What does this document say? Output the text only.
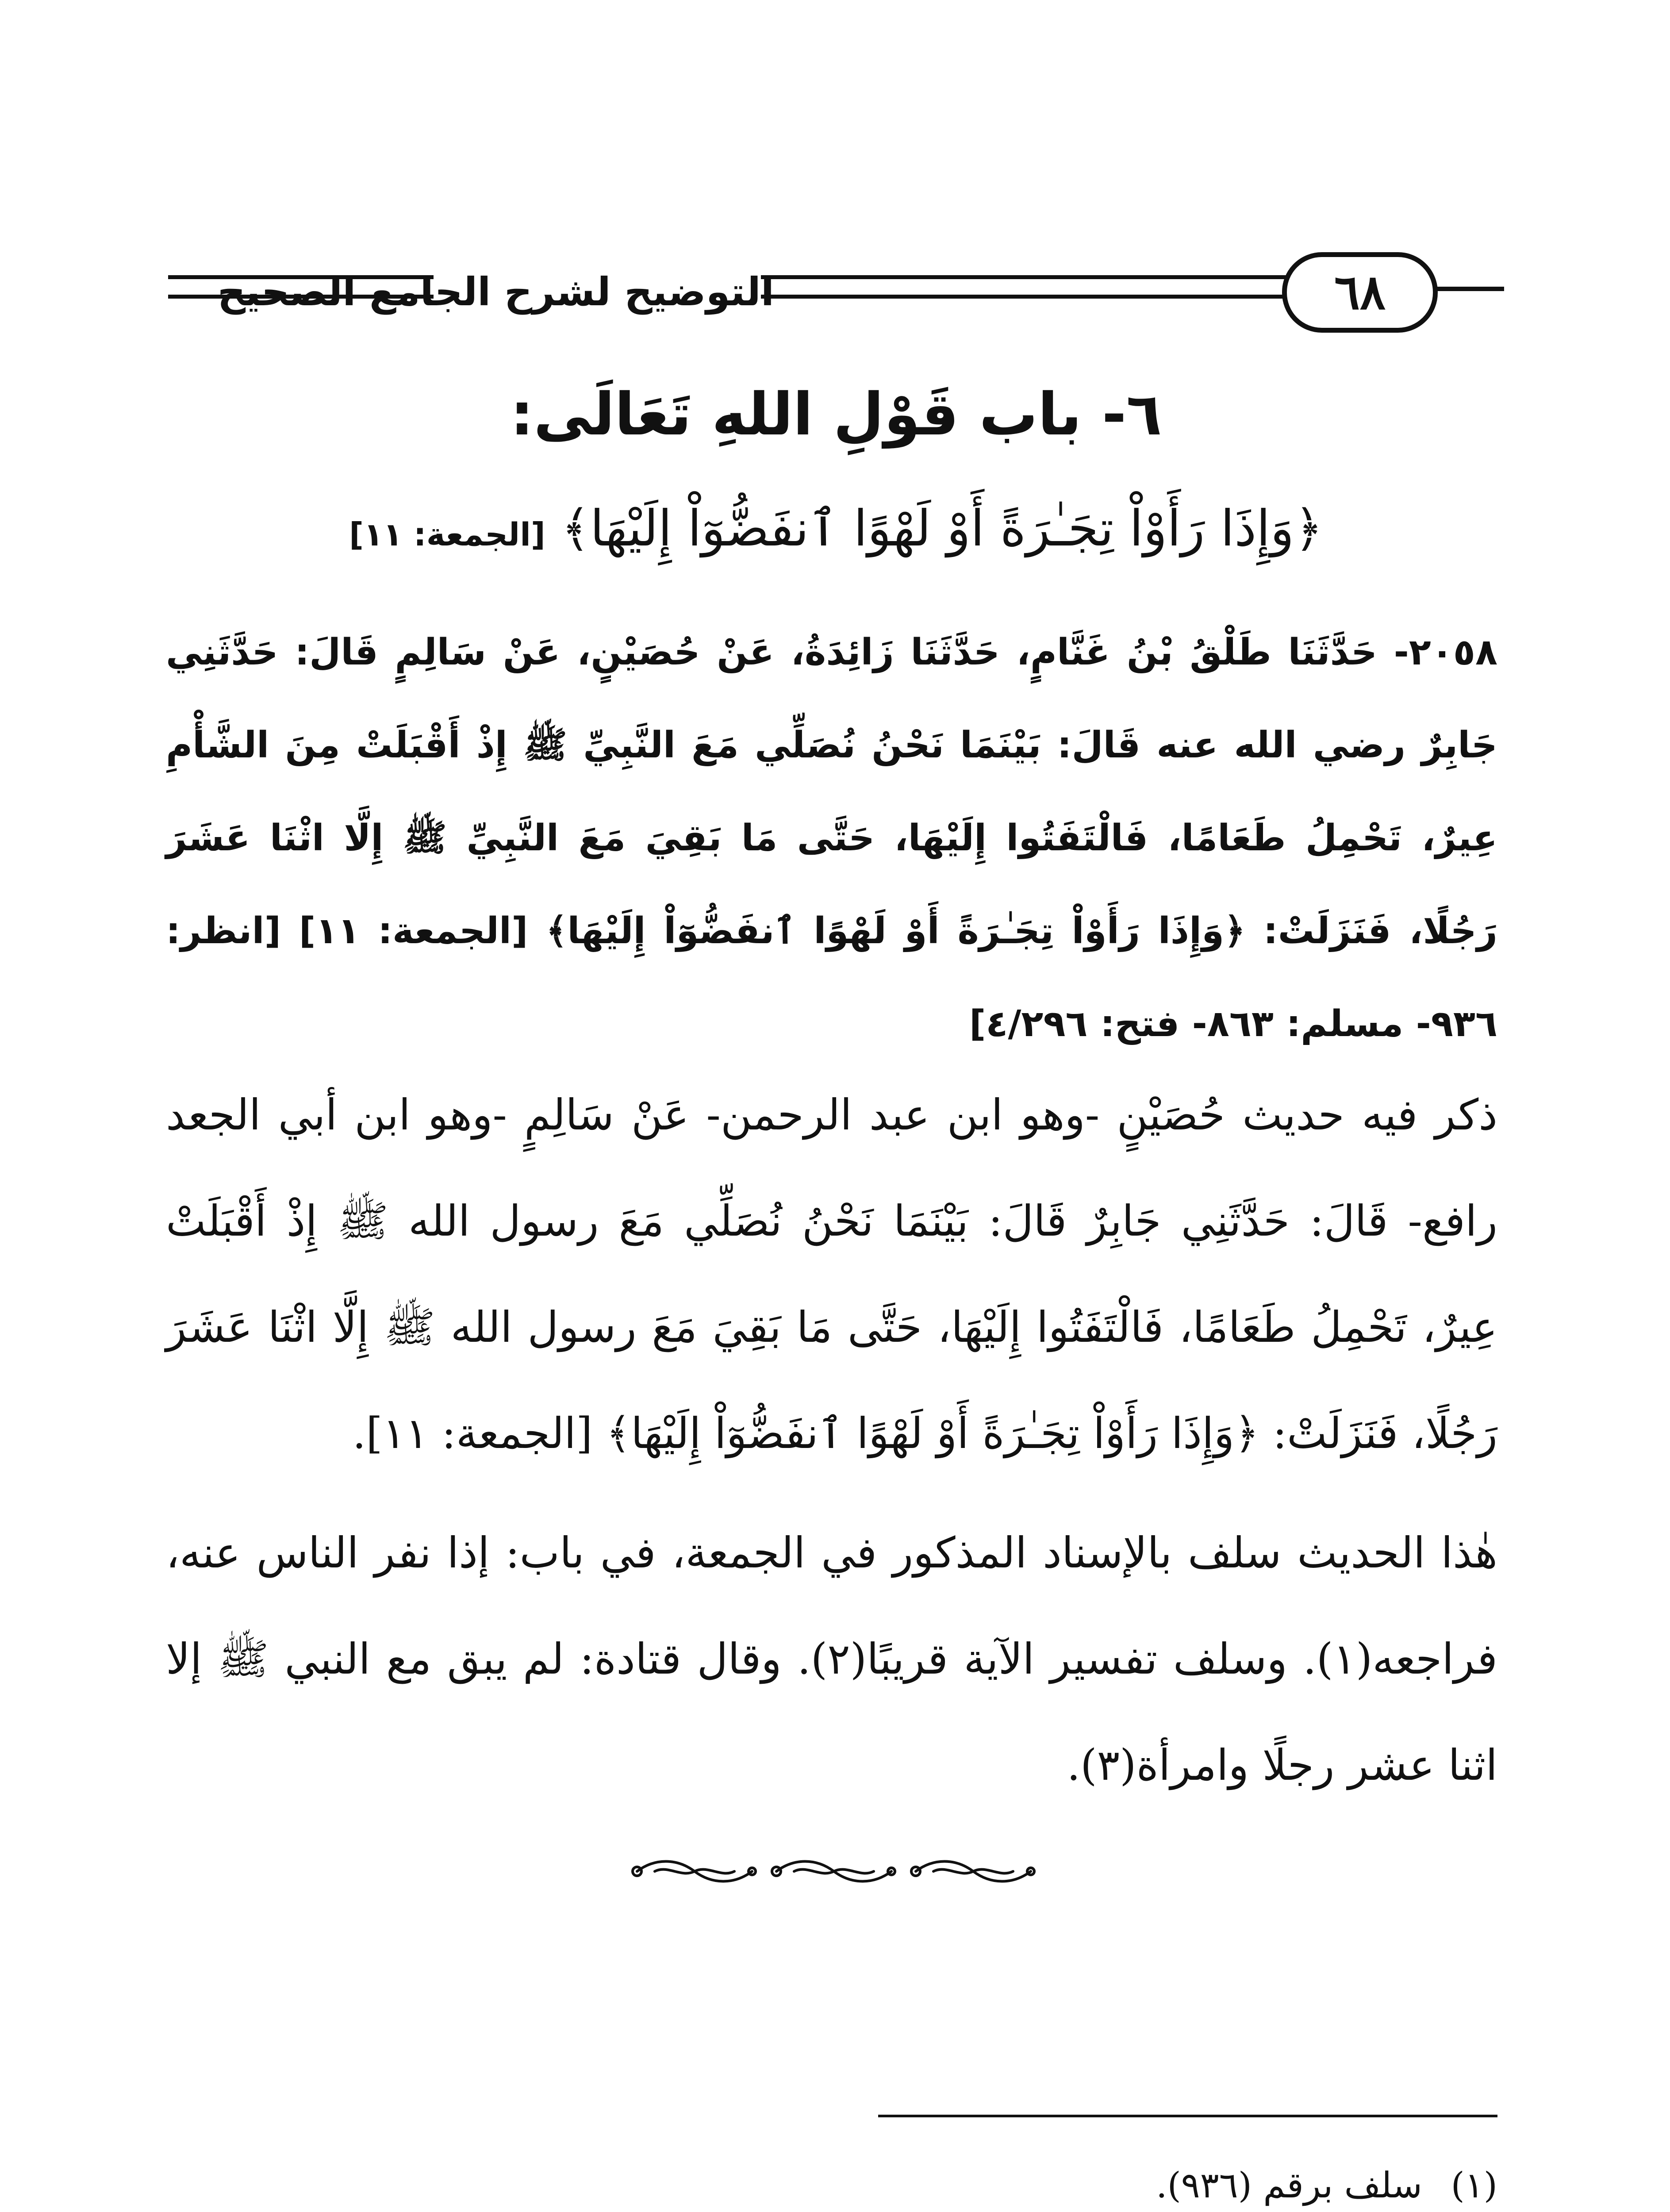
التوضيح لشرح الجامع الصحيح	٦٨
٦- باب قَوْلِ اللهِ تَعَالَى:
﴿وَإِذَا رَأَوْاْ تِجَـٰرَةً أَوْ لَهْوًا ٱنفَضُّوٓاْ إِلَيْهَا﴾ [الجمعة: ١١]
٢٠٥٨- حَدَّثَنَا طَلْقُ بْنُ غَنَّامٍ، حَدَّثَنَا زَائِدَةُ، عَنْ حُصَيْنٍ، عَنْ سَالِمٍ قَالَ: حَدَّثَنِي جَابِرٌ رضي الله عنه قَالَ: بَيْنَمَا نَحْنُ نُصَلِّي مَعَ النَّبِيِّ ﷺ إِذْ أَقْبَلَتْ مِنَ الشَّأْمِ عِيرٌ، تَحْمِلُ طَعَامًا، فَالْتَفَتُوا إِلَيْهَا، حَتَّى مَا بَقِيَ مَعَ النَّبِيِّ ﷺ إِلَّا اثْنَا عَشَرَ رَجُلًا، فَنَزَلَتْ: ﴿وَإِذَا رَأَوْاْ تِجَـٰرَةً أَوْ لَهْوًا ٱنفَضُّوٓاْ إِلَيْهَا﴾ [الجمعة: ١١] [انظر: ٩٣٦- مسلم: ٨٦٣- فتح: ٤/٢٩٦]

ذكر فيه حديث حُصَيْنٍ -وهو ابن عبد الرحمن- عَنْ سَالِمٍ -وهو ابن أبي الجعد رافع- قَالَ: حَدَّثَنِي جَابِرٌ قَالَ: بَيْنَمَا نَحْنُ نُصَلِّي مَعَ رسول الله ﷺ إِذْ أَقْبَلَتْ عِيرٌ، تَحْمِلُ طَعَامًا، فَالْتَفَتُوا إِلَيْهَا، حَتَّى مَا بَقِيَ مَعَ رسول الله ﷺ إِلَّا اثْنَا عَشَرَ رَجُلًا، فَنَزَلَتْ: ﴿وَإِذَا رَأَوْاْ تِجَـٰرَةً أَوْ لَهْوًا ٱنفَضُّوٓاْ إِلَيْهَا﴾ [الجمعة: ١١].

هٰذا الحديث سلف بالإسناد المذكور في الجمعة، في باب: إذا نفر الناس عنه، فراجعه(١). وسلف تفسير الآية قريبًا(٢). وقال قتادة: لم يبق مع النبي ﷺ إلا اثنا عشر رجلًا وامرأة(٣).

(١)سلف برقم (٩٣٦).
